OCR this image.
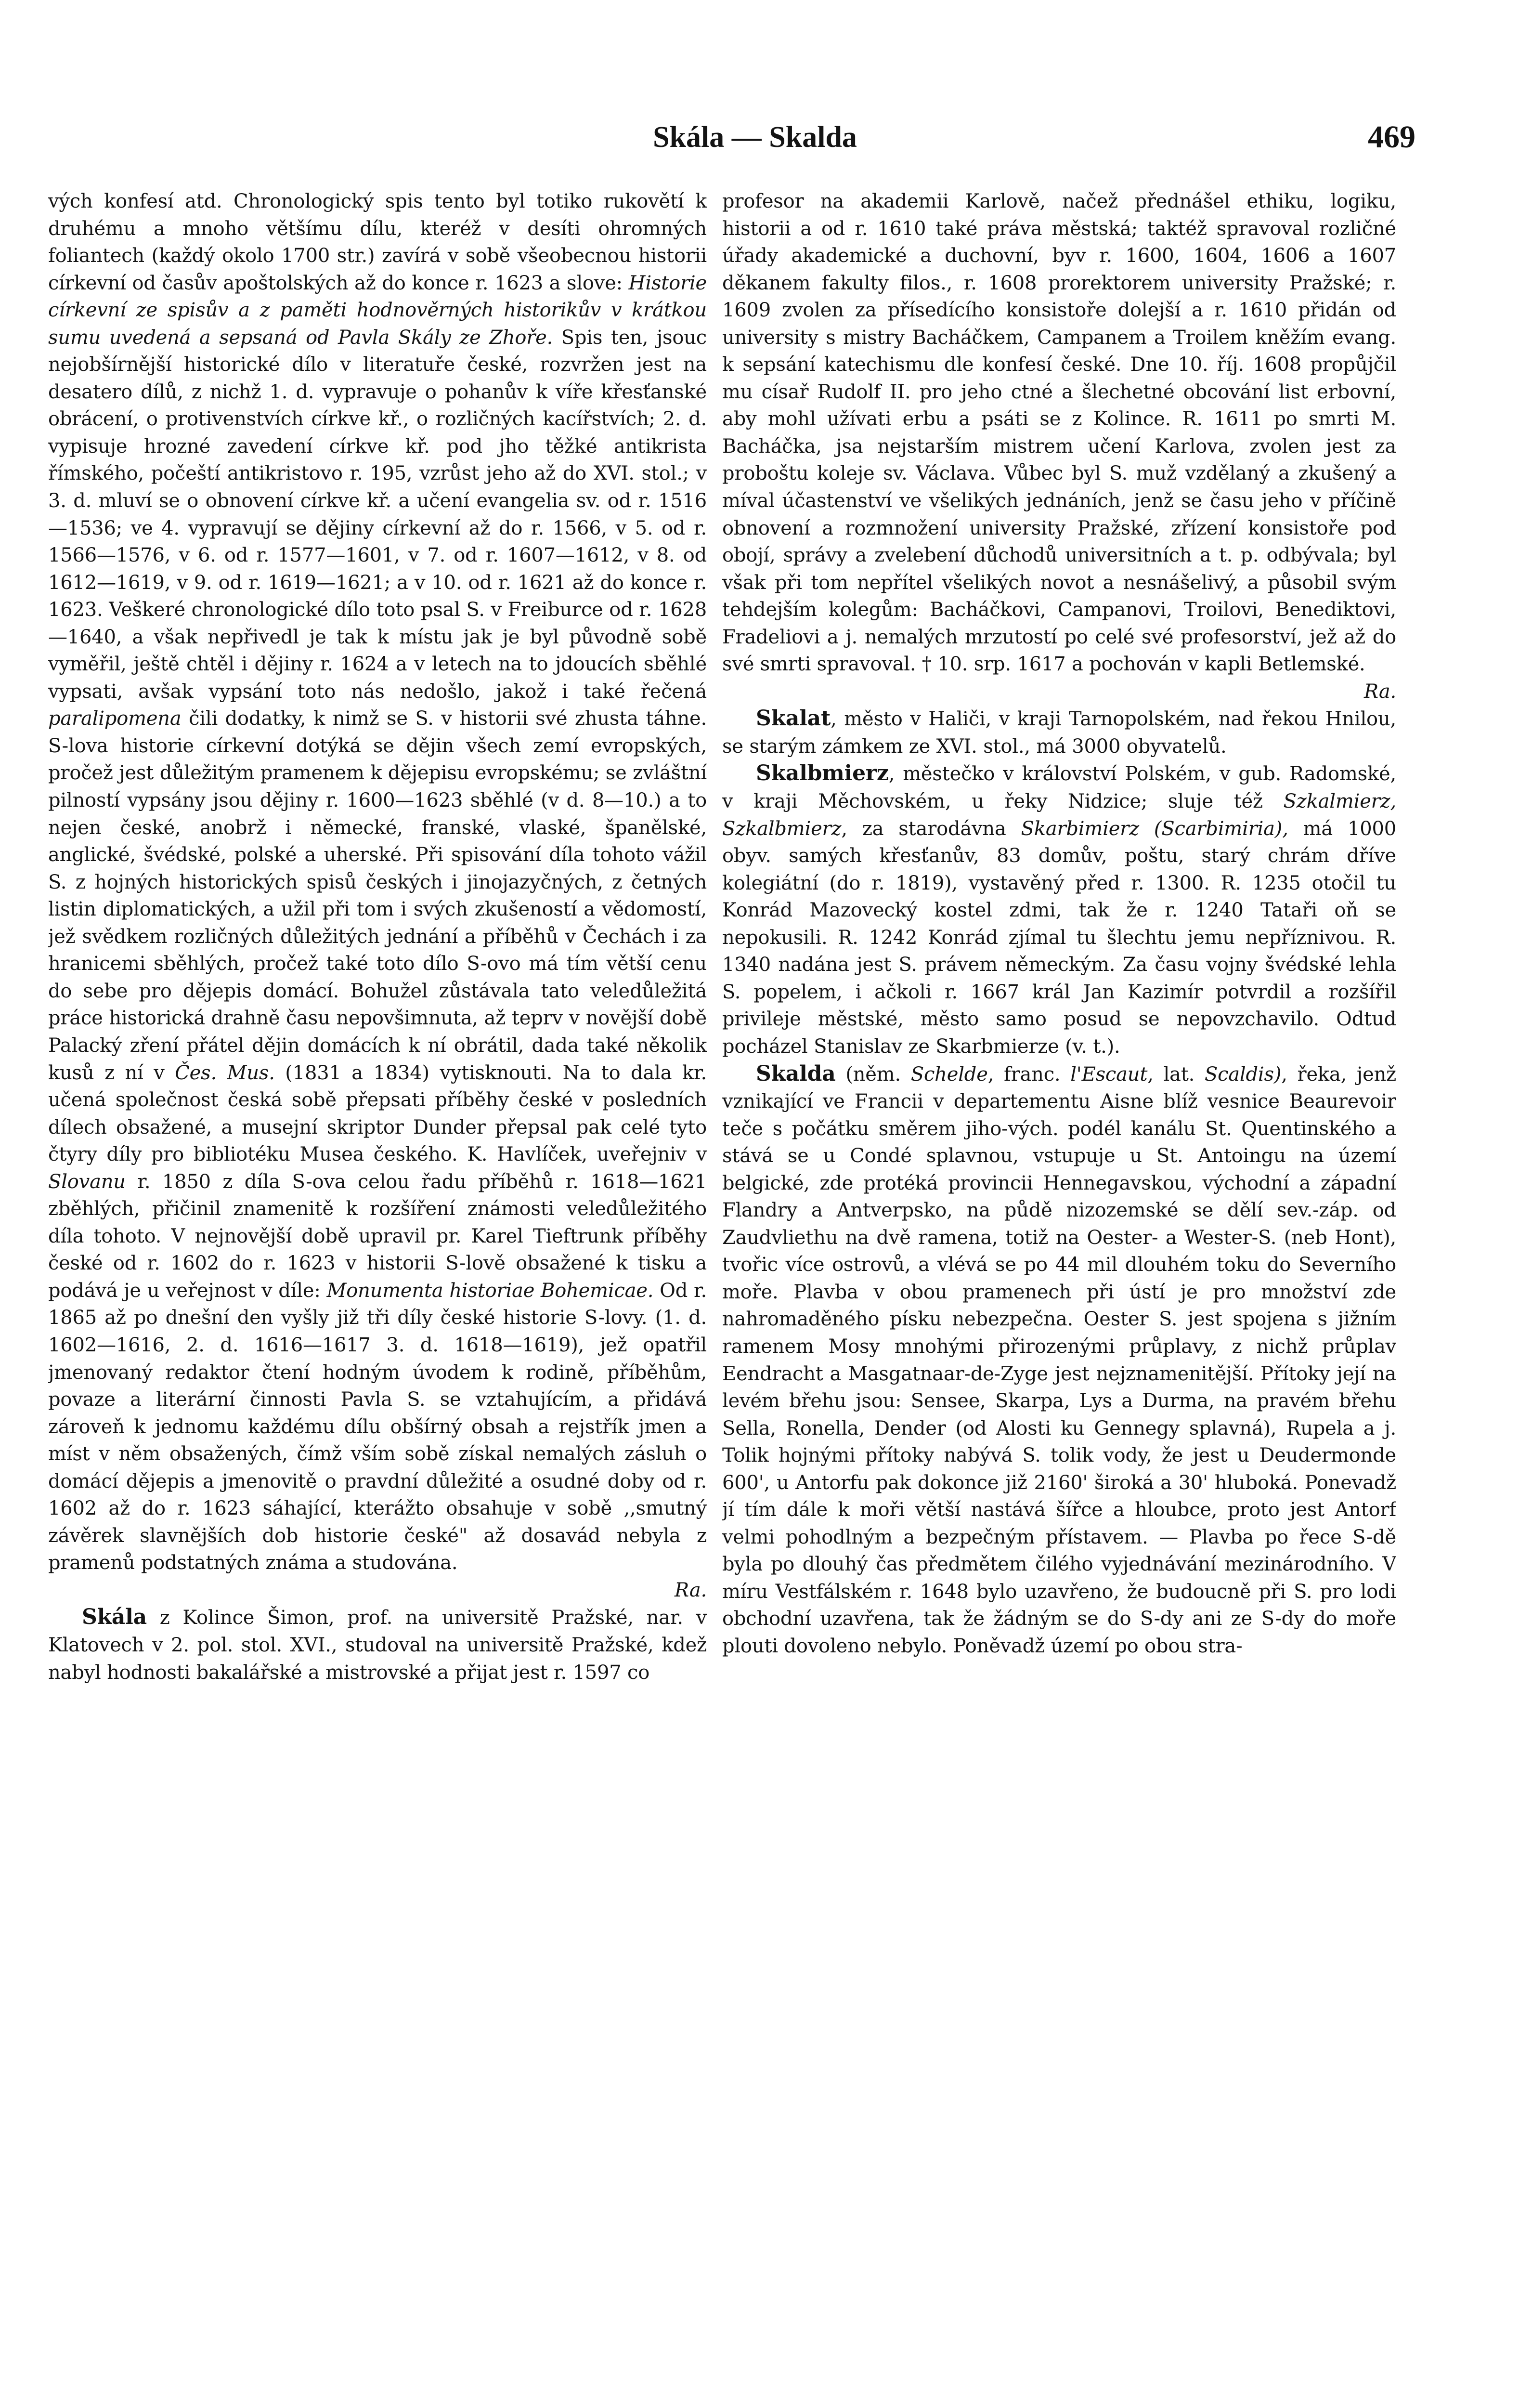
Skála — Skalda	469

vých konfesí atd. Chronologický spis tento byl totiko rukovětí k druhému a mnoho většímu dílu, kteréž v desíti ohromných foliantech (každý okolo 1700 str.) zavírá v sobě všeobecnou historii církevní od časův apoštolských až do konce r. 1623 a slove: Historie církevní ze spisův a z paměti hodnověrných historikův v krátkou sumu uvedená a sepsaná od Pavla Skály ze Zhoře. Spis ten, jsouc nejobšírnější historické dílo v literatuře české, rozvržen jest na desatero dílů, z nichž 1. d. vypravuje o pohanův k víře křesťanské obrácení, o protivenstvích církve kř., o rozličných kacířstvích; 2. d. vypisuje hrozné zavedení církve kř. pod jho těžké antikrista římského, počeští antikristovo r. 195, vzrůst jeho až do XVI. stol.; v 3. d. mluví se o obnovení církve kř. a učení evangelia sv. od r. 1516—1536; ve 4. vypravují se dějiny církevní až do r. 1566, v 5. od r. 1566—1576, v 6. od r. 1577—1601, v 7. od r. 1607—1612, v 8. od 1612—1619, v 9. od r. 1619—1621; a v 10. od r. 1621 až do konce r. 1623. Veškeré chronologické dílo toto psal S. v Freiburce od r. 1628—1640, a však nepřivedl je tak k místu jak je byl původně sobě vyměřil, ještě chtěl i dějiny r. 1624 a v letech na to jdoucích sběhlé vypsati, avšak vypsání toto nás nedošlo, jakož i také řečená paralipomena čili dodatky, k nimž se S. v historii své zhusta táhne. S-lova historie církevní dotýká se dějin všech zemí evropských, pročež jest důležitým pramenem k dějepisu evropskému; se zvláštní pilností vypsány jsou dějiny r. 1600—1623 sběhlé (v d. 8—10.) a to nejen české, anobrž i německé, franské, vlaské, španělské, anglické, švédské, polské a uherské. Při spisování díla tohoto vážil S. z hojných historických spisů českých i jinojazyčných, z četných listin diplomatických, a užil při tom i svých zkušeností a vědomostí, jež svědkem rozličných důležitých jednání a příběhů v Čechách i za hranicemi sběhlých, pročež také toto dílo S-ovo má tím větší cenu do sebe pro dějepis domácí. Bohužel zůstávala tato veledůležitá práce historická drahně času nepovšimnuta, až teprv v novější době Palacký zření přátel dějin domácích k ní obrátil, dada také několik kusů z ní v Čes. Mus. (1831 a 1834) vytisknouti. Na to dala kr. učená společnost česká sobě přepsati příběhy české v posledních dílech obsažené, a musejní skriptor Dunder přepsal pak celé tyto čtyry díly pro bibliotéku Musea českého. K. Havlíček, uveřejniv v Slovanu r. 1850 z díla S-ova celou řadu příběhů r. 1618—1621 zběhlých, přičinil znamenitě k rozšíření známosti veledůležitého díla tohoto. V nejnovější době upravil pr. Karel Tieftrunk příběhy české od r. 1602 do r. 1623 v historii S-lově obsažené k tisku a podává je u veřejnost v díle: Monumenta historiae Bohemicae. Od r. 1865 až po dnešní den vyšly již tři díly české historie S-lovy. (1. d. 1602—1616, 2. d. 1616—1617 3. d. 1618—1619), jež opatřil jmenovaný redaktor čtení hodným úvodem k rodině, příběhům, povaze a literární činnosti Pavla S. se vztahujícím, a přidává zároveň k jednomu každému dílu obšírný obsah a rejstřík jmen a míst v něm obsažených, čímž vším sobě získal nemalých zásluh o domácí dějepis a jmenovitě o pravdní důležité a osudné doby od r. 1602 až do r. 1623 sáhající, kterážto obsahuje v sobě ,,smutný závěrek slavnějších dob historie české" až dosavád nebyla z pramenů podstatných známa a studována.
Ra.

Skála z Kolince Šimon, prof. na universitě Pražské, nar. v Klatovech v 2. pol. stol. XVI., studoval na universitě Pražské, kdež nabyl hodnosti bakalářské a mistrovské a přijat jest r. 1597 co

profesor na akademii Karlově, načež přednášel ethiku, logiku, historii a od r. 1610 také práva městská; taktéž spravoval rozličné úřady akademické a duchovní, byv r. 1600, 1604, 1606 a 1607 děkanem fakulty filos., r. 1608 prorektorem university Pražské; r. 1609 zvolen za přísedícího konsistoře dolejší a r. 1610 přidán od university s mistry Bacháčkem, Campanem a Troilem kněžím evang. k sepsání katechismu dle konfesí české. Dne 10. říj. 1608 propůjčil mu císař Rudolf II. pro jeho ctné a šlechetné obcování list erbovní, aby mohl užívati erbu a psáti se z Kolince. R. 1611 po smrti M. Bacháčka, jsa nejstarším mistrem učení Karlova, zvolen jest za proboštu koleje sv. Václava. Vůbec byl S. muž vzdělaný a zkušený a míval účastenství ve všelikých jednáních, jenž se času jeho v příčině obnovení a rozmnožení university Pražské, zřízení konsistoře pod obojí, správy a zvelebení důchodů universitních a t. p. odbývala; byl však při tom nepřítel všelikých novot a nesnášelivý, a působil svým tehdejším kolegům: Bacháčkovi, Campanovi, Troilovi, Benediktovi, Fradeliovi a j. nemalých mrzutostí po celé své profesorství, jež až do své smrti spravoval. † 10. srp. 1617 a pochován v kapli Betlemské.
Ra.

Skalat, město v Haliči, v kraji Tarnopolském, nad řekou Hnilou, se starým zámkem ze XVI. stol., má 3000 obyvatelů.

Skalbmierz, městečko v království Polském, v gub. Radomské, v kraji Měchovském, u řeky Nidzice; sluje též Szkalmierz, Szkalbmierz, za starodávna Skarbimierz (Scarbimiria), má 1000 obyv. samých křesťanův, 83 domův, poštu, starý chrám dříve kolegiátní (do r. 1819), vystavěný před r. 1300. R. 1235 otočil tu Konrád Mazovecký kostel zdmi, tak že r. 1240 Tataři oň se nepokusili. R. 1242 Konrád zjímal tu šlechtu jemu nepříznivou. R. 1340 nadána jest S. právem německým. Za času vojny švédské lehla S. popelem, i ačkoli r. 1667 král Jan Kazimír potvrdil a rozšířil privileje městské, město samo posud se nepovzchavilo. Odtud pocházel Stanislav ze Skarbmierze (v. t.).

Skalda (něm. Schelde, franc. l'Escaut, lat. Scaldis), řeka, jenž vznikající ve Francii v departementu Aisne blíž vesnice Beaurevoir teče s počátku směrem jiho-vých. podél kanálu St. Quentinského a stává se u Condé splavnou, vstupuje u St. Antoingu na území belgické, zde protéká provincii Hennegavskou, východní a západní Flandry a Antverpsko, na půdě nizozemské se dělí sev.-záp. od Zaudvliethu na dvě ramena, totiž na Oester- a Wester-S. (neb Hont), tvořic více ostrovů, a vlévá se po 44 mil dlouhém toku do Severního moře. Plavba v obou pramenech při ústí je pro množství zde nahromaděného písku nebezpečna. Oester S. jest spojena s jižním ramenem Mosy mnohými přirozenými průplavy, z nichž průplav Eendracht a Masgatnaar-de-Zyge jest nejznamenitější. Přítoky její na levém břehu jsou: Sensee, Skarpa, Lys a Durma, na pravém břehu Sella, Ronella, Dender (od Alosti ku Gennegy splavná), Rupela a j. Tolik hojnými přítoky nabývá S. tolik vody, že jest u Deudermonde 600', u Antorfu pak dokonce již 2160' široká a 30' hluboká. Ponevadž jí tím dále k moři větší nastává šířce a hloubce, proto jest Antorf velmi pohodlným a bezpečným přístavem. — Plavba po řece S-dě byla po dlouhý čas předmětem čilého vyjednávání mezinárodního. V míru Vestfálském r. 1648 bylo uzavřeno, že budoucně při S. pro lodi obchodní uzavřena, tak že žádným se do S-dy ani ze S-dy do moře plouti dovoleno nebylo. Poněvadž území po obou stra-
